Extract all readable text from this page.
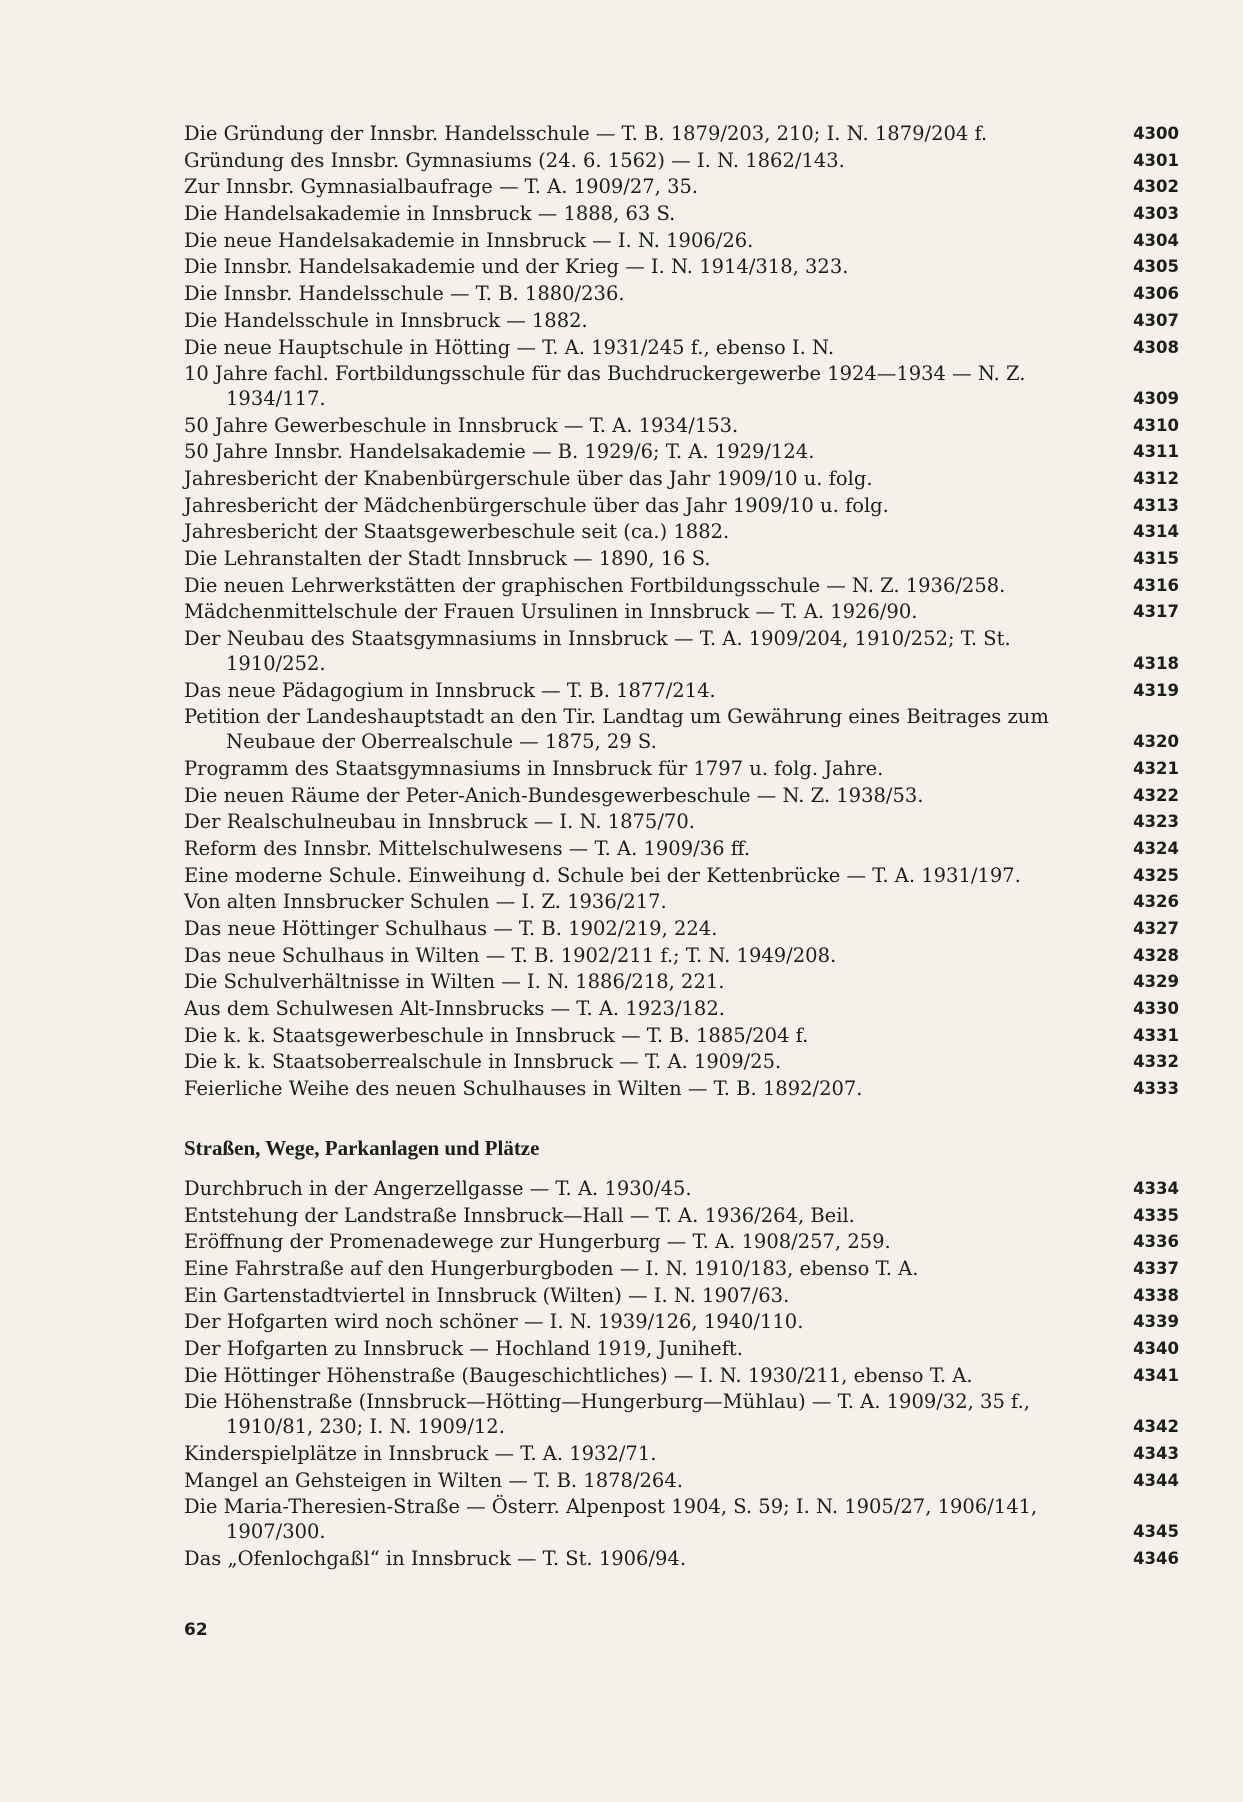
Die Gründung der Innsbr. Handelsschule — T. B. 1879/203, 210; I. N. 1879/204 f.	4300
Gründung des Innsbr. Gymnasiums (24. 6. 1562) — I. N. 1862/143.	4301
Zur Innsbr. Gymnasialbaufrage — T. A. 1909/27, 35.	4302
Die Handelsakademie in Innsbruck — 1888, 63 S.	4303
Die neue Handelsakademie in Innsbruck — I. N. 1906/26.	4304
Die Innsbr. Handelsakademie und der Krieg — I. N. 1914/318, 323.	4305
Die Innsbr. Handelsschule — T. B. 1880/236.	4306
Die Handelsschule in Innsbruck — 1882.	4307
Die neue Hauptschule in Hötting — T. A. 1931/245 f., ebenso I. N.	4308
10 Jahre fachl. Fortbildungsschule für das Buchdruckergewerbe 1924—1934 — N. Z. 1934/117.	4309
50 Jahre Gewerbeschule in Innsbruck — T. A. 1934/153.	4310
50 Jahre Innsbr. Handelsakademie — B. 1929/6; T. A. 1929/124.	4311
Jahresbericht der Knabenbürgerschule über das Jahr 1909/10 u. folg.	4312
Jahresbericht der Mädchenbürgerschule über das Jahr 1909/10 u. folg.	4313
Jahresbericht der Staatsgewerbeschule seit (ca.) 1882.	4314
Die Lehranstalten der Stadt Innsbruck — 1890, 16 S.	4315
Die neuen Lehrwerkstätten der graphischen Fortbildungsschule — N. Z. 1936/258.	4316
Mädchenmittelschule der Frauen Ursulinen in Innsbruck — T. A. 1926/90.	4317
Der Neubau des Staatsgymnasiums in Innsbruck — T. A. 1909/204, 1910/252; T. St. 1910/252.	4318
Das neue Pädagogium in Innsbruck — T. B. 1877/214.	4319
Petition der Landeshauptstadt an den Tir. Landtag um Gewährung eines Beitrages zum Neubaue der Oberrealschule — 1875, 29 S.	4320
Programm des Staatsgymnasiums in Innsbruck für 1797 u. folg. Jahre.	4321
Die neuen Räume der Peter-Anich-Bundesgewerbeschule — N. Z. 1938/53.	4322
Der Realschulneubau in Innsbruck — I. N. 1875/70.	4323
Reform des Innsbr. Mittelschulwesens — T. A. 1909/36 ff.	4324
Eine moderne Schule. Einweihung d. Schule bei der Kettenbrücke — T. A. 1931/197.	4325
Von alten Innsbrucker Schulen — I. Z. 1936/217.	4326
Das neue Höttinger Schulhaus — T. B. 1902/219, 224.	4327
Das neue Schulhaus in Wilten — T. B. 1902/211 f.; T. N. 1949/208.	4328
Die Schulverhältnisse in Wilten — I. N. 1886/218, 221.	4329
Aus dem Schulwesen Alt-Innsbrucks — T. A. 1923/182.	4330
Die k. k. Staatsgewerbeschule in Innsbruck — T. B. 1885/204 f.	4331
Die k. k. Staatsoberrealschule in Innsbruck — T. A. 1909/25.	4332
Feierliche Weihe des neuen Schulhauses in Wilten — T. B. 1892/207.	4333
Straßen, Wege, Parkanlagen und Plätze
Durchbruch in der Angerzellgasse — T. A. 1930/45.	4334
Entstehung der Landstraße Innsbruck—Hall — T. A. 1936/264, Beil.	4335
Eröffnung der Promenadewege zur Hungerburg — T. A. 1908/257, 259.	4336
Eine Fahrstraße auf den Hungerburgboden — I. N. 1910/183, ebenso T. A.	4337
Ein Gartenstadtviertel in Innsbruck (Wilten) — I. N. 1907/63.	4338
Der Hofgarten wird noch schöner — I. N. 1939/126, 1940/110.	4339
Der Hofgarten zu Innsbruck — Hochland 1919, Juniheft.	4340
Die Höttinger Höhenstraße (Baugeschichtliches) — I. N. 1930/211, ebenso T. A.	4341
Die Höhenstraße (Innsbruck—Hötting—Hungerburg—Mühlau) — T. A. 1909/32, 35 f., 1910/81, 230; I. N. 1909/12.	4342
Kinderspielplätze in Innsbruck — T. A. 1932/71.	4343
Mangel an Gehsteigen in Wilten — T. B. 1878/264.	4344
Die Maria-Theresien-Straße — Österr. Alpenpost 1904, S. 59; I. N. 1905/27, 1906/141, 1907/300.	4345
Das „Ofenlochgaßl“ in Innsbruck — T. St. 1906/94.	4346
62
